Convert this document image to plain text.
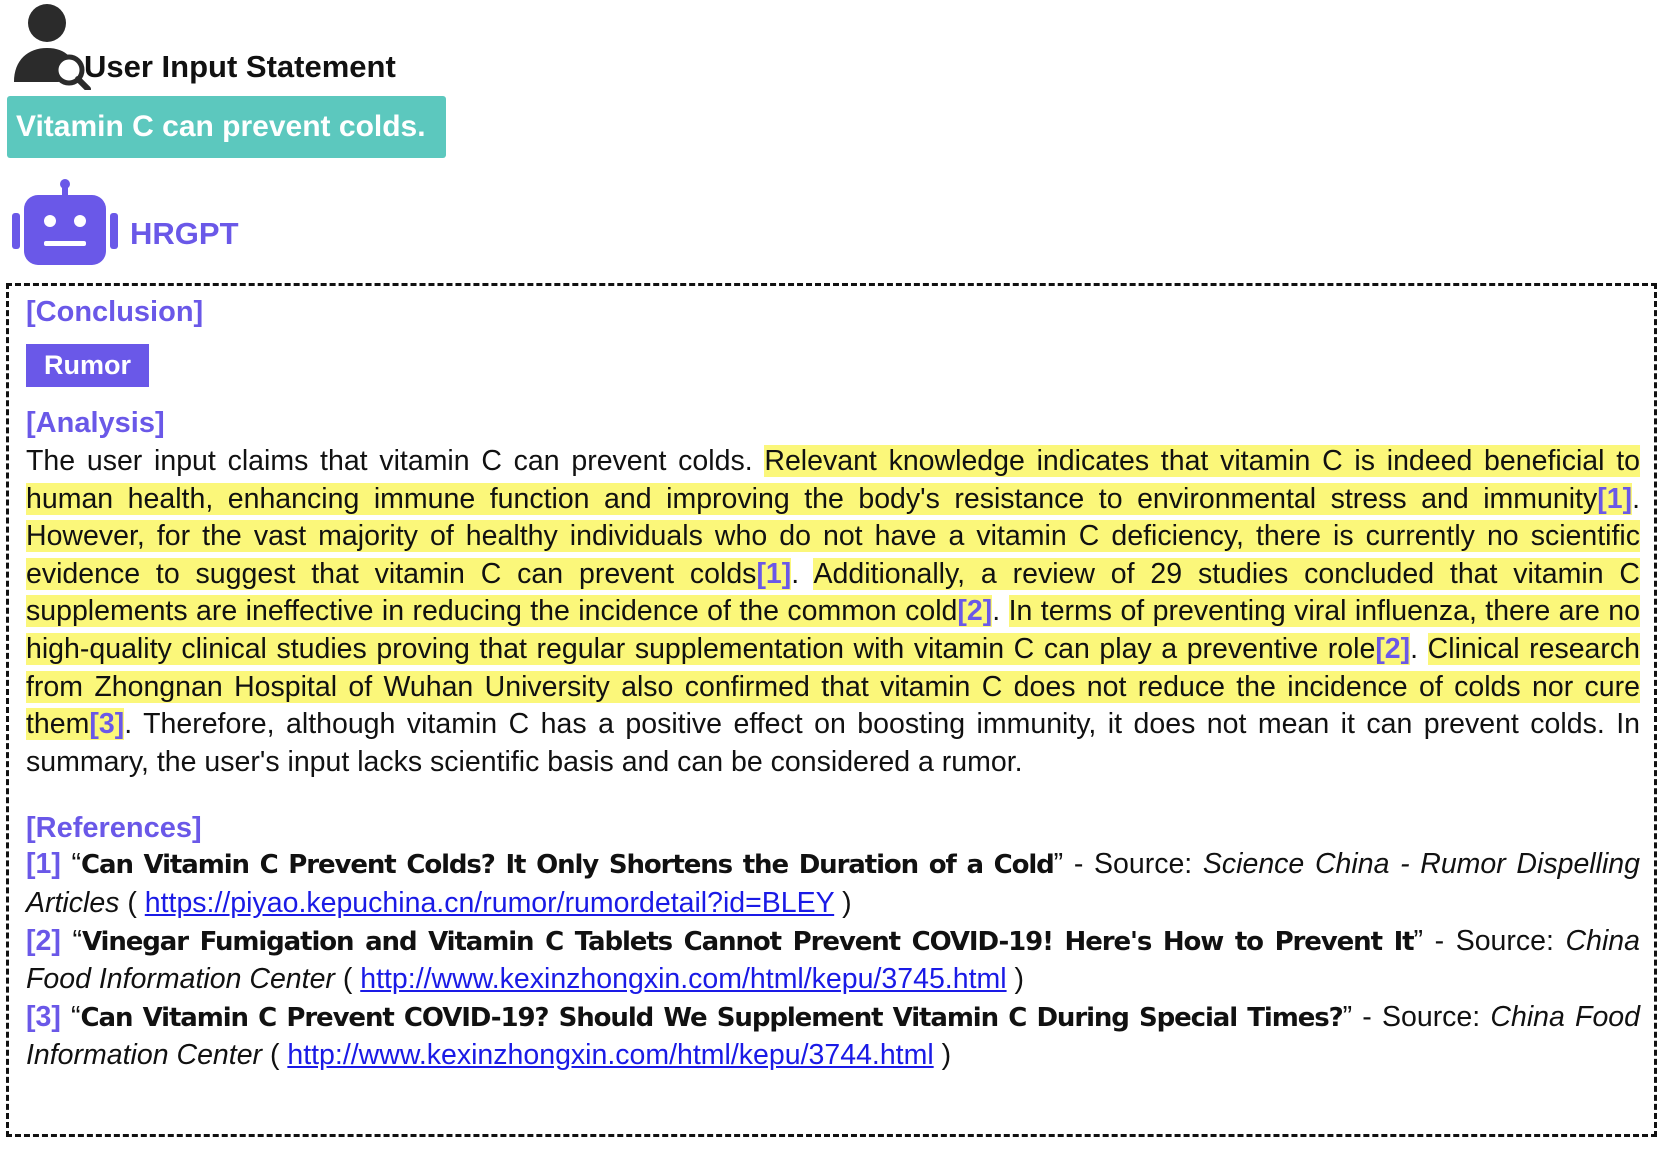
User Input Statement
Vitamin C can prevent colds.
HRGPT
[Conclusion]
Rumor
[Analysis]
The user input claims that vitamin C can prevent colds. Relevant knowledge indicates that vitamin C is indeed beneficial to human health, enhancing immune function and improving the body's resistance to environmental stress and immunity[1]. However, for the vast majority of healthy individuals who do not have a vitamin C deficiency, there is currently no scientific evidence to suggest that vitamin C can prevent colds[1]. Additionally, a review of 29 studies concluded that vitamin C supplements are ineffective in reducing the incidence of the common cold[2]. In terms of preventing viral influenza, there are no high-quality clinical studies proving that regular supplementation with vitamin C can play a preventive role[2]. Clinical research from Zhongnan Hospital of Wuhan University also confirmed that vitamin C does not reduce the incidence of colds nor cure them[3]. Therefore, although vitamin C has a positive effect on boosting immunity, it does not mean it can prevent colds. In summary, the user's input lacks scientific basis and can be considered a rumor.
[References]
[1] “Can Vitamin C Prevent Colds? It Only Shortens the Duration of a Cold” - Source: Science China - Rumor Dispelling Articles ( https://piyao.kepuchina.cn/rumor/rumordetail?id=BLEY )
[2] “Vinegar Fumigation and Vitamin C Tablets Cannot Prevent COVID-19! Here's How to Prevent It” - Source: China Food Information Center ( http://www.kexinzhongxin.com/html/kepu/3745.html )
[3] “Can Vitamin C Prevent COVID-19? Should We Supplement Vitamin C During Special Times?” - Source: China Food Information Center ( http://www.kexinzhongxin.com/html/kepu/3744.html )
